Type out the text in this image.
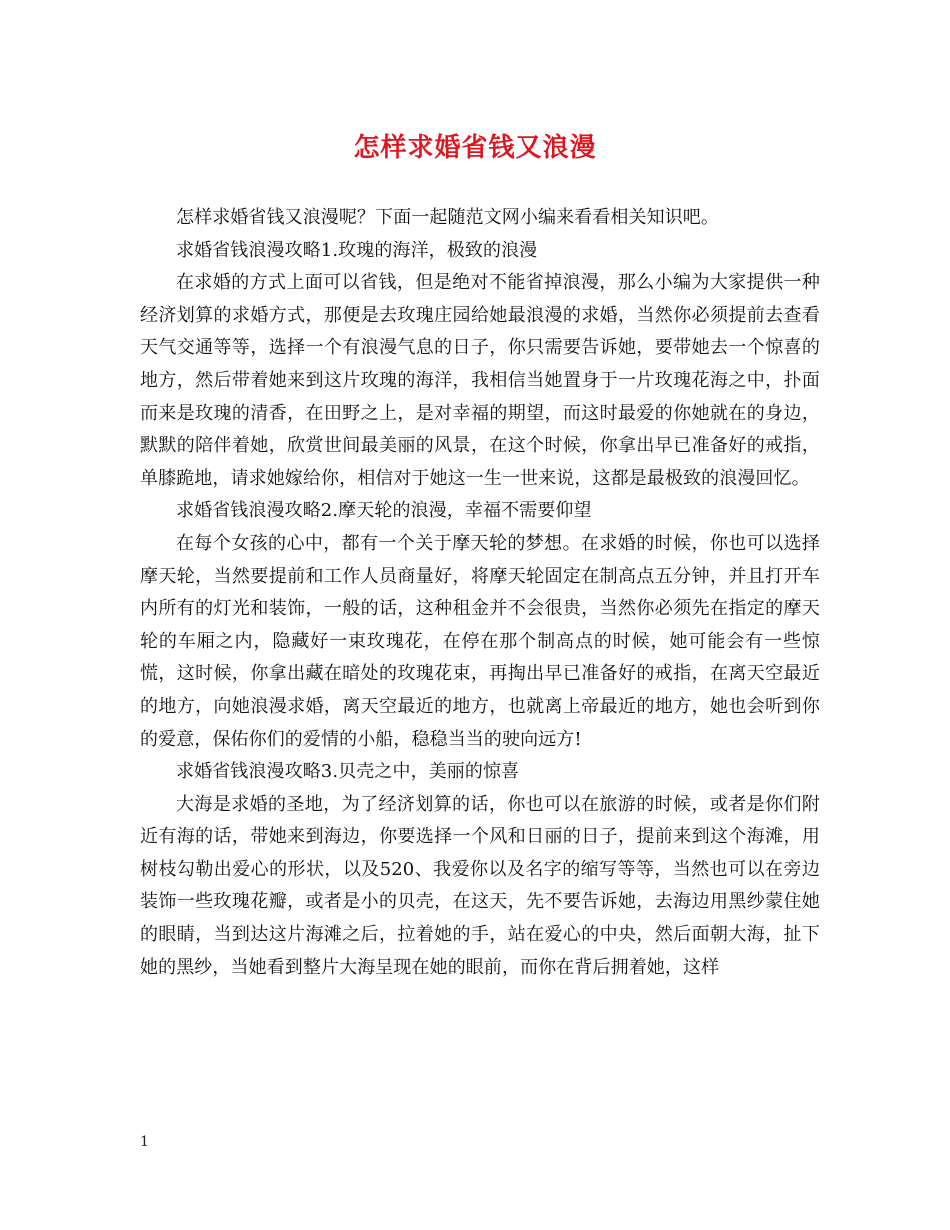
怎样求婚省钱又浪漫

怎样求婚省钱又浪漫呢？下面一起随范文网小编来看看相关知识吧。

求婚省钱浪漫攻略1.玫瑰的海洋，极致的浪漫

在求婚的方式上面可以省钱，但是绝对不能省掉浪漫，那么小编为大家提供一种经济划算的求婚方式，那便是去玫瑰庄园给她最浪漫的求婚，当然你必须提前去查看天气交通等等，选择一个有浪漫气息的日子，你只需要告诉她，要带她去一个惊喜的地方，然后带着她来到这片玫瑰的海洋，我相信当她置身于一片玫瑰花海之中，扑面而来是玫瑰的清香，在田野之上，是对幸福的期望，而这时最爱的你她就在的身边，默默的陪伴着她，欣赏世间最美丽的风景，在这个时候，你拿出早已准备好的戒指，单膝跪地，请求她嫁给你，相信对于她这一生一世来说，这都是最极致的浪漫回忆。

求婚省钱浪漫攻略2.摩天轮的浪漫，幸福不需要仰望

在每个女孩的心中，都有一个关于摩天轮的梦想。在求婚的时候，你也可以选择摩天轮，当然要提前和工作人员商量好，将摩天轮固定在制高点五分钟，并且打开车内所有的灯光和装饰，一般的话，这种租金并不会很贵，当然你必须先在指定的摩天轮的车厢之内，隐藏好一束玫瑰花，在停在那个制高点的时候，她可能会有一些惊慌，这时候，你拿出藏在暗处的玫瑰花束，再掏出早已准备好的戒指，在离天空最近的地方，向她浪漫求婚，离天空最近的地方，也就离上帝最近的地方，她也会听到你的爱意，保佑你们的爱情的小船，稳稳当当的驶向远方!

求婚省钱浪漫攻略3.贝壳之中，美丽的惊喜

大海是求婚的圣地，为了经济划算的话，你也可以在旅游的时候，或者是你们附近有海的话，带她来到海边，你要选择一个风和日丽的日子，提前来到这个海滩，用树枝勾勒出爱心的形状，以及520、我爱你以及名字的缩写等等，当然也可以在旁边装饰一些玫瑰花瓣，或者是小的贝壳，在这天，先不要告诉她，去海边用黑纱蒙住她的眼睛，当到达这片海滩之后，拉着她的手，站在爱心的中央，然后面朝大海，扯下她的黑纱，当她看到整片大海呈现在她的眼前，而你在背后拥着她，这样

1
